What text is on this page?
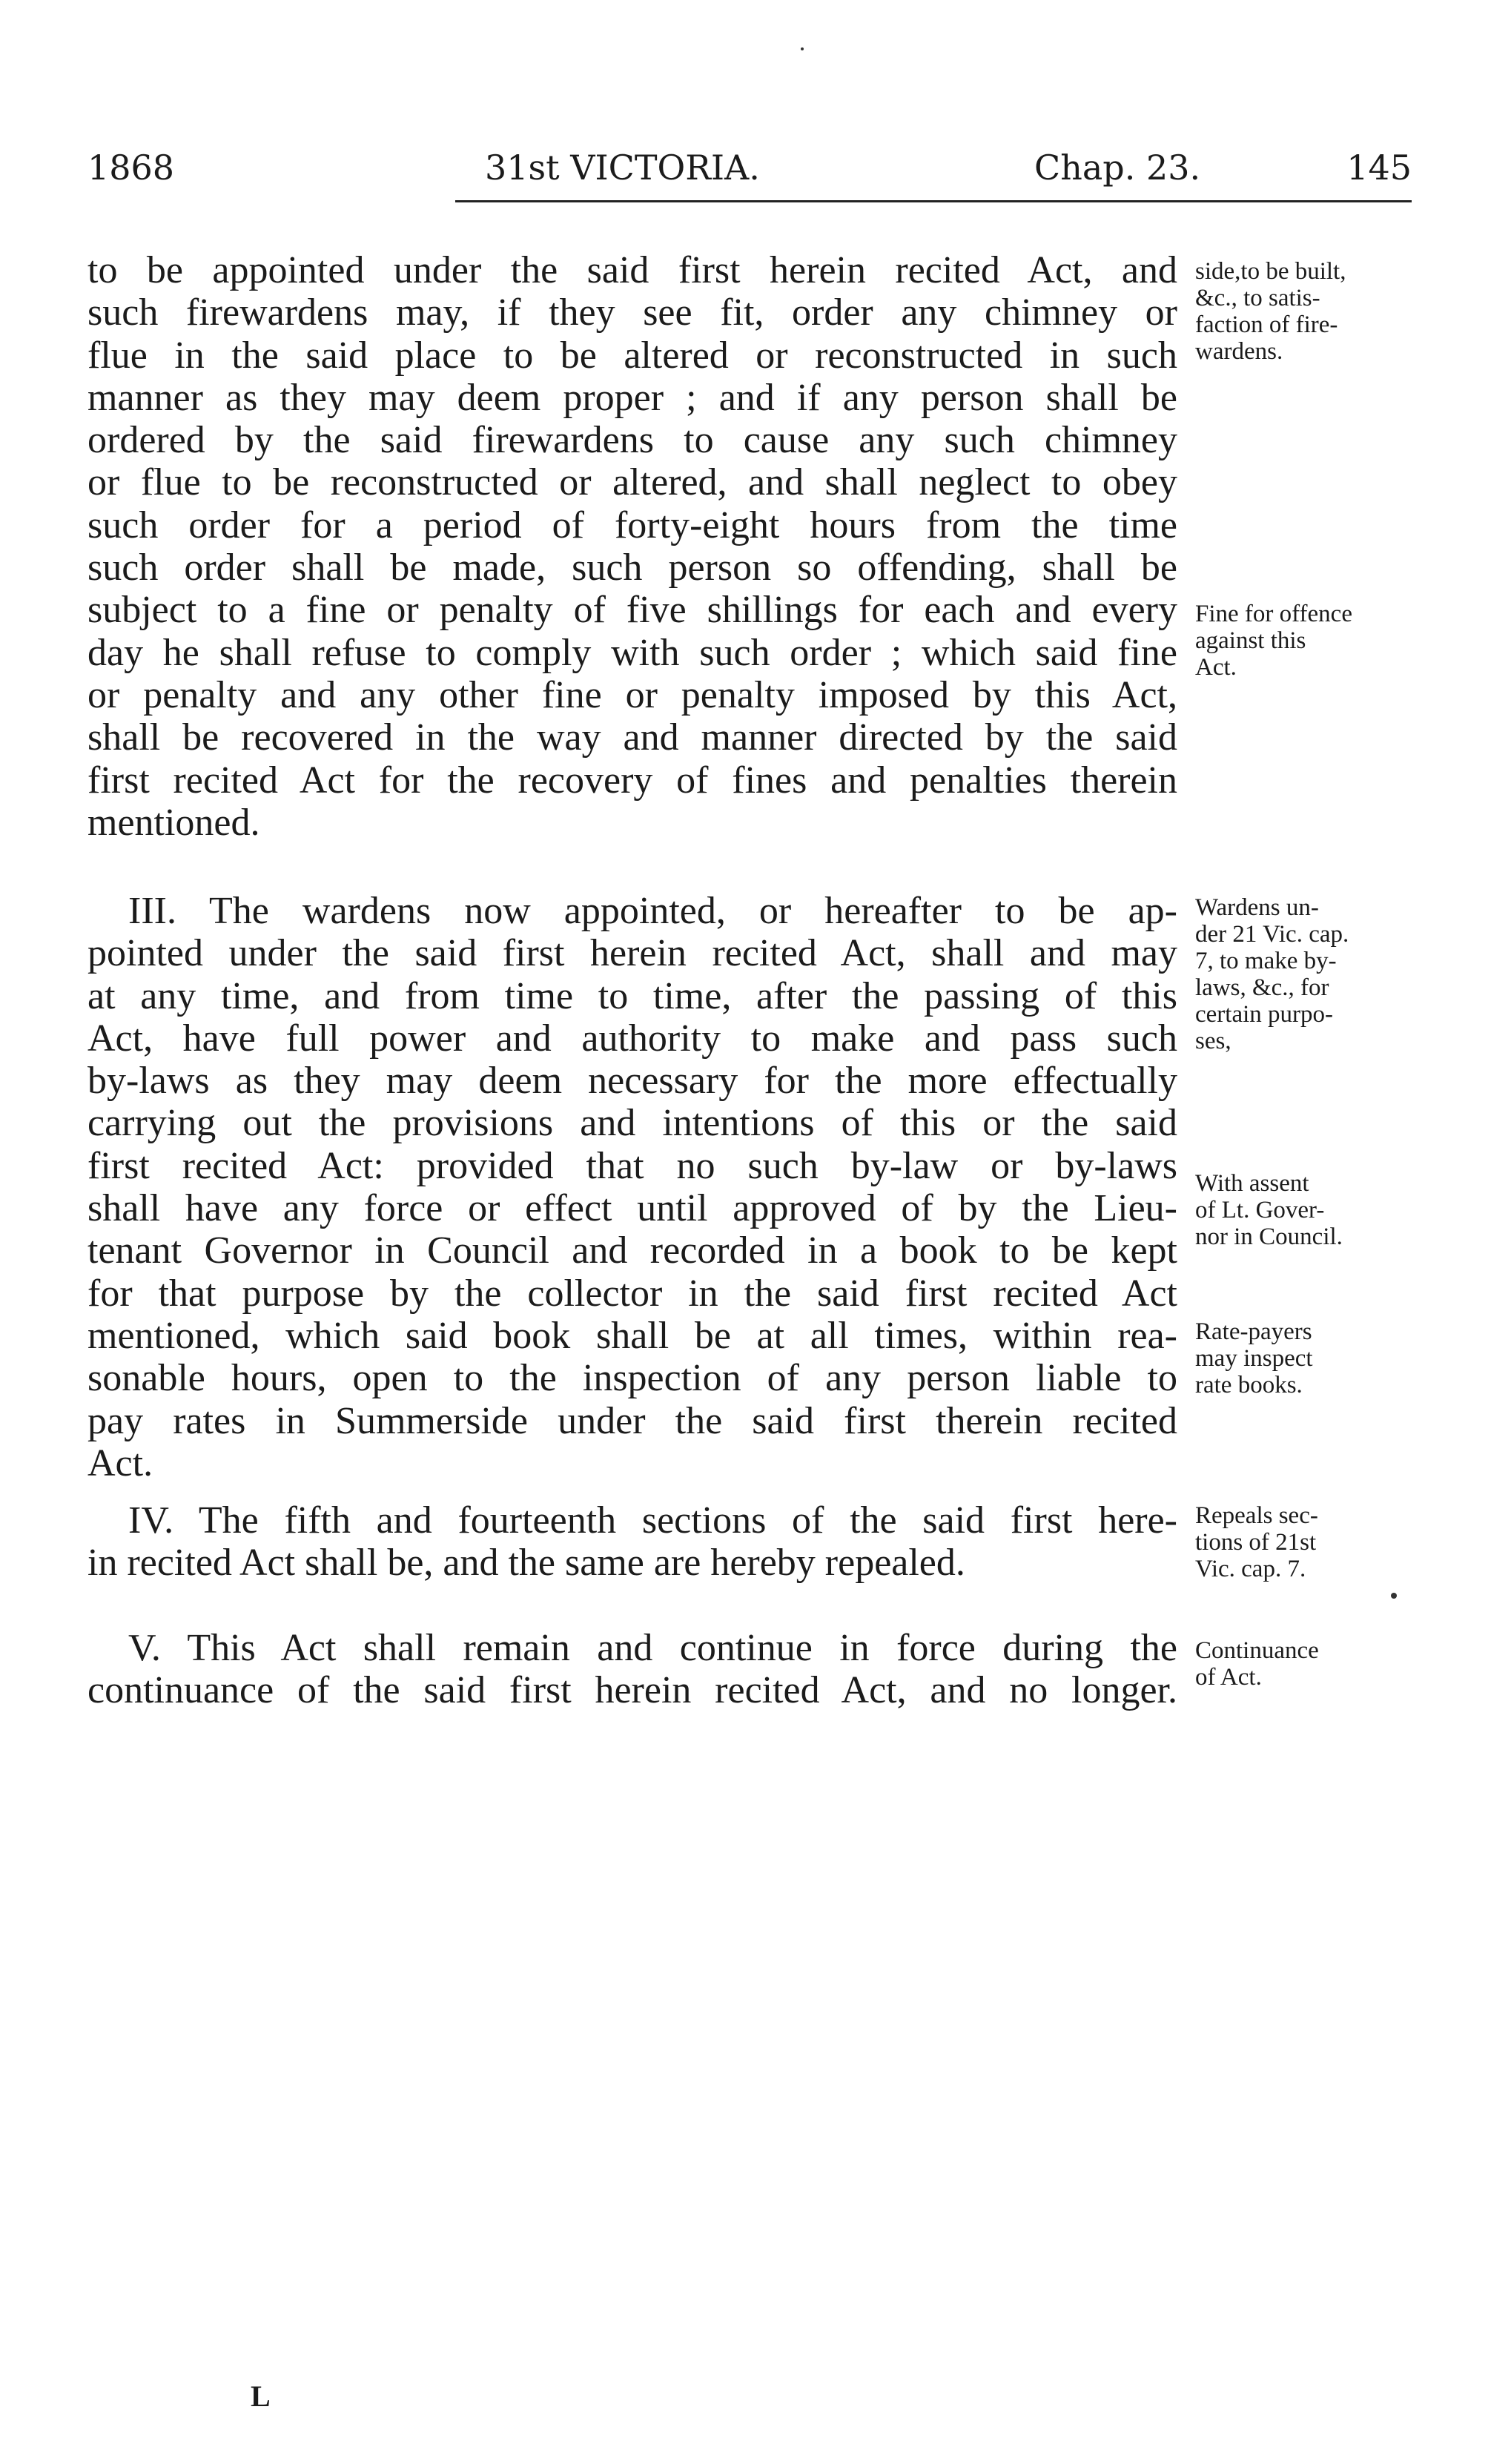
1868	31st VICTORIA.	Chap. 23.	145
to be appointed under the said first herein recited Act, and
such firewardens may, if they see fit, order any chimney or
flue in the said place to be altered or reconstructed in such
manner as they may deem proper ; and if any person shall be
ordered by the said firewardens to cause any such chimney
or flue to be reconstructed or altered, and shall neglect to obey
such order for a period of forty-eight hours from the time
such order shall be made, such person so offending, shall be
subject to a fine or penalty of five shillings for each and every
day he shall refuse to comply with such order ; which said fine
or penalty and any other fine or penalty imposed by this Act,
shall be recovered in the way and manner directed by the said
first recited Act for the recovery of fines and penalties therein
mentioned.
III. The wardens now appointed, or hereafter to be ap-
pointed under the said first herein recited Act, shall and may
at any time, and from time to time, after the passing of this
Act, have full power and authority to make and pass such
by-laws as they may deem necessary for the more effectually
carrying out the provisions and intentions of this or the said
first recited Act: provided that no such by-law or by-laws
shall have any force or effect until approved of by the Lieu-
tenant Governor in Council and recorded in a book to be kept
for that purpose by the collector in the said first recited Act
mentioned, which said book shall be at all times, within rea-
sonable hours, open to the inspection of any person liable to
pay rates in Summerside under the said first therein recited
Act.
IV. The fifth and fourteenth sections of the said first here-
in recited Act shall be, and the same are hereby repealed.
V. This Act shall remain and continue in force during the
continuance of the said first herein recited Act, and no longer.
side,to be built,
&c., to satis-
faction of fire-
wardens.
Fine for offence
against this
Act.
Wardens un-
der 21 Vic. cap.
7, to make by-
laws, &c., for
certain purpo-
ses,
With assent
of Lt. Gover-
nor in Council.
Rate-payers
may inspect
rate books.
Repeals sec-
tions of 21st
Vic. cap. 7.
Continuance
of Act.
L
